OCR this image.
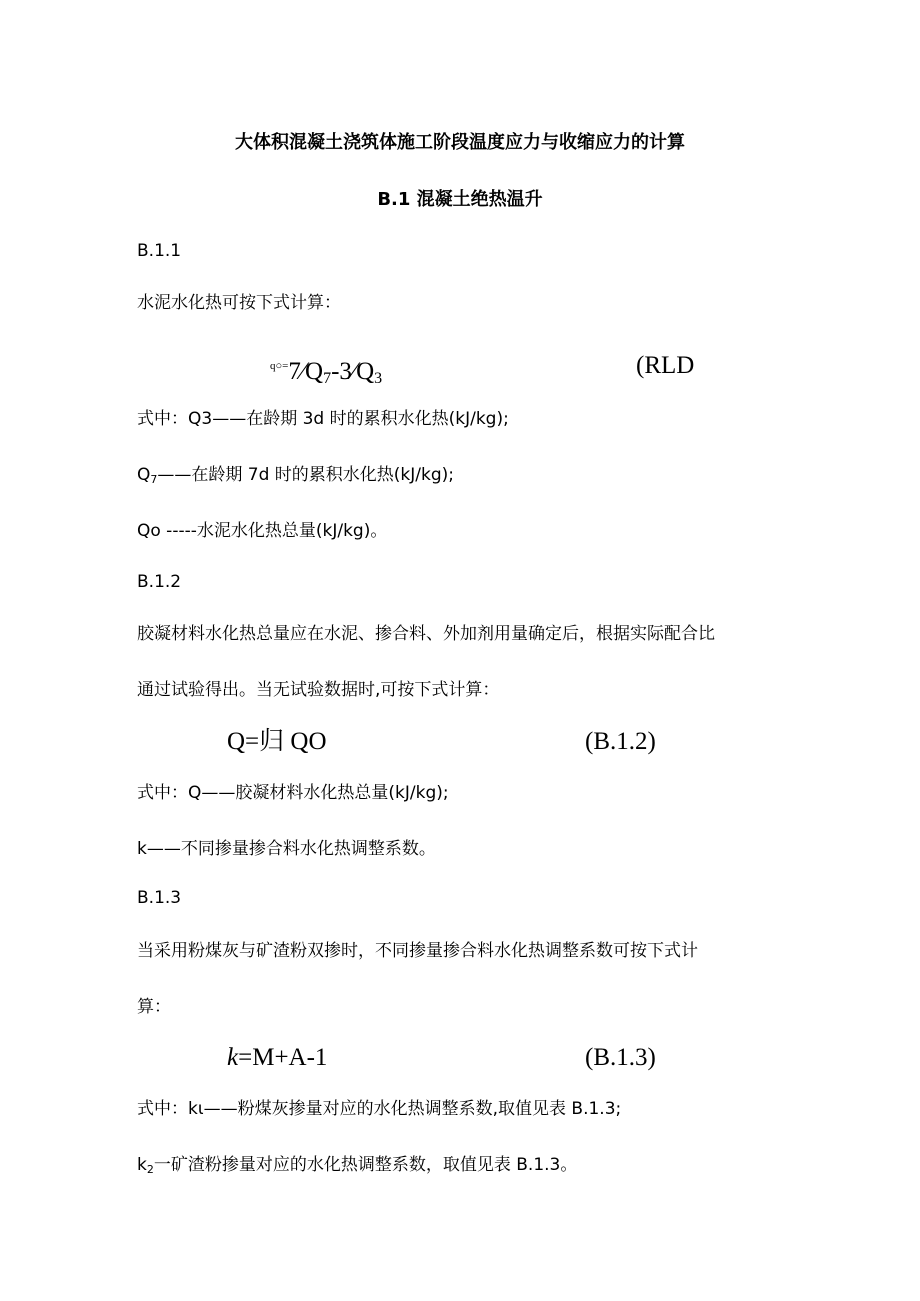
大体积混凝土浇筑体施工阶段温度应力与收缩应力的计算
B.1 混凝土绝热温升
B.1.1
水泥水化热可按下式计算：
$^{q○=}7⁄Q_7-3⁄Q_3$	(RLD
式中：Q3——在龄期 3d 时的累积水化热(kJ/kg);
Q7——在龄期 7d 时的累积水化热(kJ/kg);
Qo -----水泥水化热总量(kJ/kg)。
B.1.2
胶凝材料水化热总量应在水泥、掺合料、外加剂用量确定后，根据实际配合比
通过试验得出。当无试验数据时,可按下式计算：
Q=归 QO	(B.1.2)
式中：Q——胶凝材料水化热总量(kJ/kg);
k——不同掺量掺合料水化热调整系数。
B.1.3
当采用粉煤灰与矿渣粉双掺时，不同掺量掺合料水化热调整系数可按下式计
算：
k=M+A-1	(B.1.3)
式中：kι——粉煤灰掺量对应的水化热调整系数,取值见表 B.1.3;
k2一矿渣粉掺量对应的水化热调整系数，取值见表 B.1.3。
